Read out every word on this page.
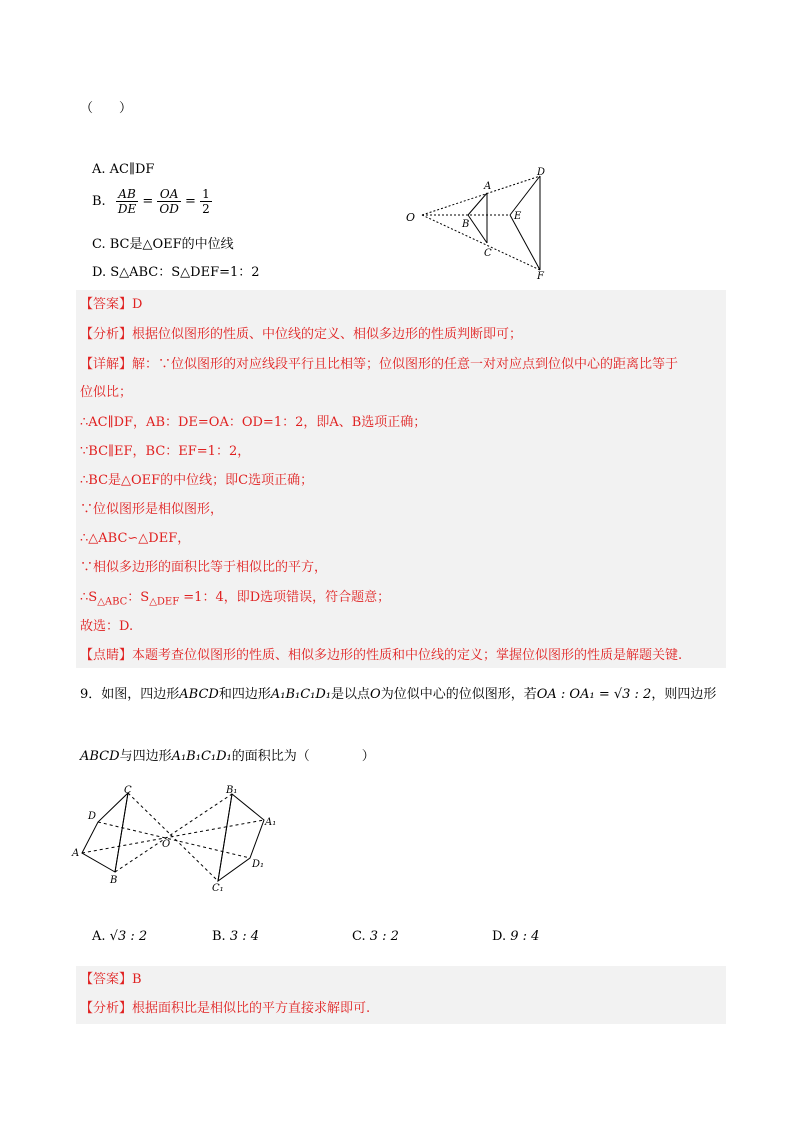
（　　）
A. AC∥DF
B. $\frac{AB}{DE} = \frac{OA}{OD} = \frac{1}{2}$
C. BC是△OEF的中位线
D. S△ABC：S△DEF=1：2
O
A
B
C
D
E
F
【答案】D
【分析】根据位似图形的性质、中位线的定义、相似多边形的性质判断即可；
【详解】解：∵位似图形的对应线段平行且比相等；位似图形的任意一对对应点到位似中心的距离比等于
位似比；
∴AC∥DF，AB：DE=OA：OD=1：2，即A、B选项正确；
∵BC∥EF，BC：EF=1：2，
∴BC是△OEF的中位线；即C选项正确；
∵位似图形是相似图形，
∴△ABC∽△DEF，
∵相似多边形的面积比等于相似比的平方，
$\therefore S_{\triangle ABC}$：$S_{\triangle DEF} =1$：4，即D选项错误，符合题意；
故选：D.
【点睛】本题考查位似图形的性质、相似多边形的性质和中位线的定义；掌握位似图形的性质是解题关键.
9．如图，四边形ABCD和四边形A₁B₁C₁D₁是以点O为位似中心的位似图形，若OA : OA₁ = √3 : 2，则四边形
ABCD与四边形A₁B₁C₁D₁的面积比为（　　　　）
A
D
C
B
O
B₁
A₁
D₁
C₁
A. √3 : 2	B. 3 : 4	C. 3 : 2	D. 9 : 4
【答案】B
【分析】根据面积比是相似比的平方直接求解即可.
